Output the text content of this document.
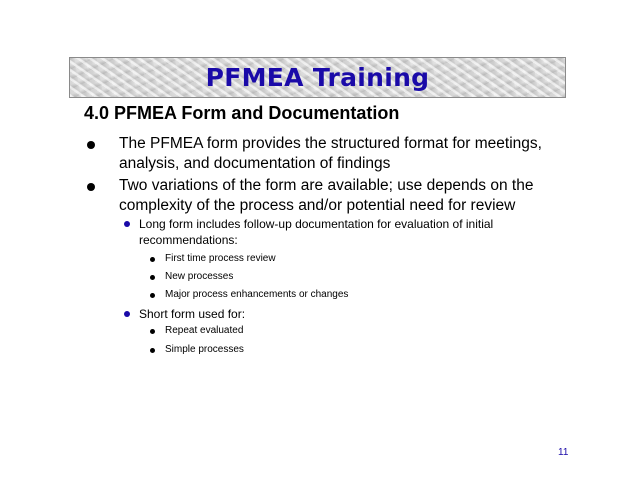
PFMEA Training
4.0 PFMEA Form and Documentation
The PFMEA form provides the structured format for meetings, analysis, and documentation of findings
Two variations of the form are available; use depends on the complexity of the process and/or potential need for review
Long form includes follow-up documentation for evaluation of initial recommendations:
First time process review
New processes
Major process enhancements or changes
Short form used for:
Repeat evaluated
Simple processes
11
